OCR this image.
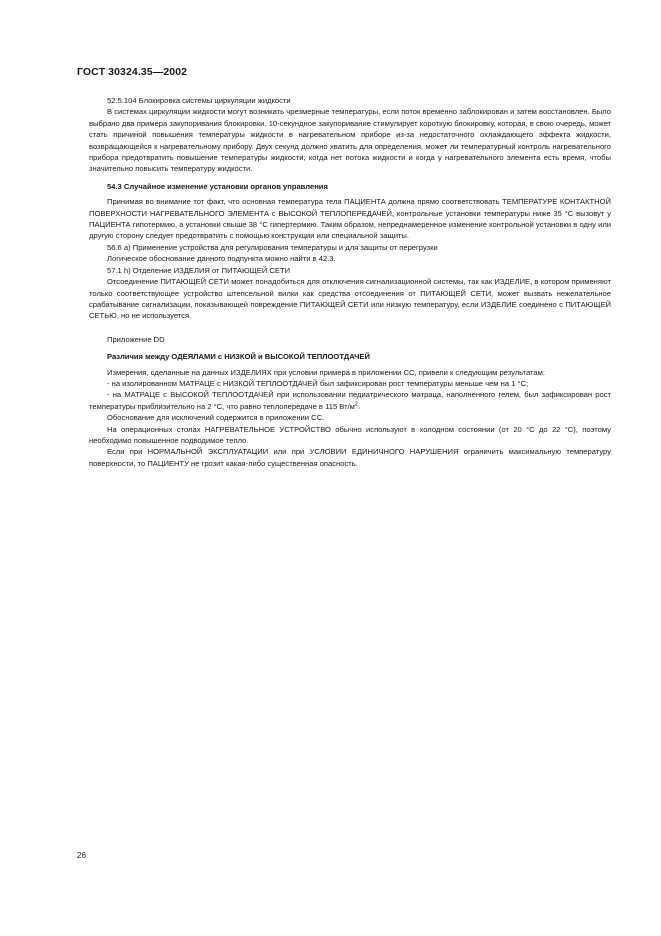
ГОСТ 30324.35—2002

52.5.104 Блокировка системы циркуляции жидкости

В системах циркуляции жидкости могут возникать чрезмерные температуры, если поток временно заблокирован и затем восстановлен. Было выбрано два примера закупоривания блокировки. 10-секундное закупоривание стимулирует короткую блокировку, которая, в свою очередь, может стать причиной повышения температуры жидкости в нагревательном приборе из-за недостаточного охлаждающего эффекта жидкости, возвращающейся к нагревательному прибору. Двух секунд должно хватить для определения, может ли температурный контроль нагревательного прибора предотвратить повышение температуры жидкости, когда нет потока жидкости и когда у нагревательного элемента есть время, чтобы значительно повысить температуру жидкости.

54.3 Случайное изменение установки органов управления

Принимая во внимание тот факт, что основная температура тела ПАЦИЕНТА должна прямо соответствовать ТЕМПЕРАТУРЕ КОНТАКТНОЙ ПОВЕРХНОСТИ НАГРЕВАТЕЛЬНОГО ЭЛЕМЕНТА с ВЫСОКОЙ ТЕПЛОПЕРЕДАЧЕЙ, контрольные установки температуры ниже 35 °С вызовут у ПАЦИЕНТА гипотермию, а установки свыше 38 °С гипертермию. Таким образом, непреднамеренное изменение контрольной установки в одну или другую сторону следует предотвратить с помощью конструкции или специальной защиты.

56.6 а) Применение устройства для регулирования температуры и для защиты от перегрузки

Логическое обоснование данного подпункта можно найти в 42.3.

57.1 h) Отделение ИЗДЕЛИЯ от ПИТАЮЩЕЙ СЕТИ

Отсоединение ПИТАЮЩЕЙ СЕТИ может понадобиться для отключения сигнализационной системы, так как ИЗДЕЛИЕ, в котором применяют только соответствующее устройство штепсельной вилки как средства отсоединения от ПИТАЮЩЕЙ СЕТИ, может вызвать нежелательное срабатывание сигнализации, показывающей повреждение ПИТАЮЩЕЙ СЕТИ или низкую температуру, если ИЗДЕЛИЕ соединено с ПИТАЮЩЕЙ СЕТЬЮ, но не используется.

Приложение DD

Различия между ОДЕЯЛАМИ с НИЗКОЙ и ВЫСОКОЙ ТЕПЛООТДАЧЕЙ

Измерения, сделанные на данных ИЗДЕЛИЯХ при условии примера в приложении СС, привели к следующим результатам:

- на изолированном МАТРАЦЕ с НИЗКОЙ ТЕПЛООТДАЧЕЙ был зафиксирован рост температуры меньше чем на 1 °С;

- на МАТРАЦЕ с ВЫСОКОЙ ТЕПЛООТДАЧЕЙ при использовании педиатрического матраца, наполненного гелем, был зафиксирован рост температуры приблизительно на 2 °С, что равно теплопередаче в 115 $Вт/м^2$.

Обоснование для исключений содержится в приложении СС.

На операционных столах НАГРЕВАТЕЛЬНОЕ УСТРОЙСТВО обычно используют в холодном состоянии (от 20 °С до 22 °С), поэтому необходимо повышенное подводимое тепло.

Если при НОРМАЛЬНОЙ ЭКСПЛУАТАЦИИ или при УСЛОВИИ ЕДИНИЧНОГО НАРУШЕНИЯ ограничить максимальную температуру поверхности, то ПАЦИЕНТУ не грозит какая-либо существенная опасность.

26
